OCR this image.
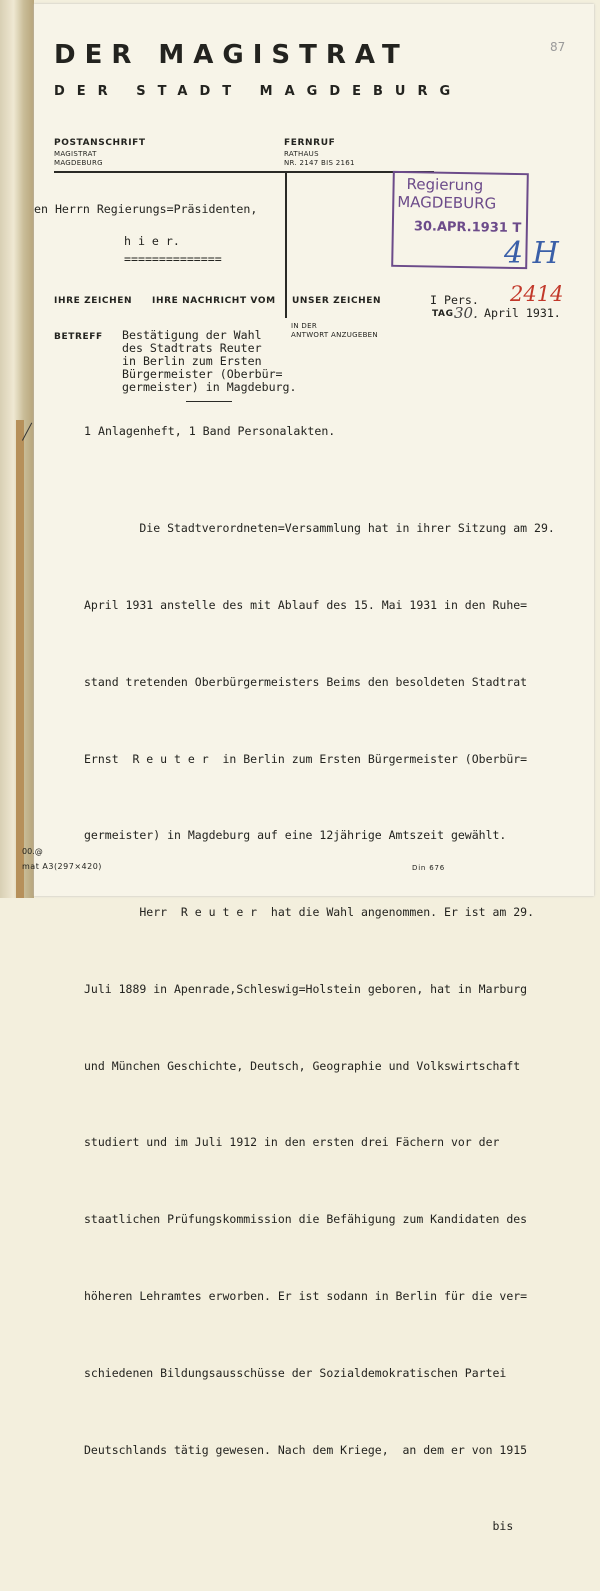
DER MAGISTRAT
DER STADT MAGDEBURG
87
POSTANSCHRIFT
MAGISTRAT
MAGDEBURG
FERNRUF
RATHAUS
NR. 2147 BIS 2161
en Herrn Regierungs=Präsidenten,
h i e r.
==============
Regierung
MAGDEBURG
30.APR.1931 T
4 H
2414
IHRE ZEICHEN IHRE NACHRICHT VOM UNSER ZEICHEN	I Pers.
TAG 30. April 1931.
IN DER
ANTWORT ANZUGEBEN
BETREFF Bestätigung der Wahl
des Stadtrats Reuter
in Berlin zum Ersten
Bürgermeister (Oberbür=
germeister) in Magdeburg.
1 Anlagenheft, 1 Band Personalakten.

Die Stadtverordneten=Versammlung hat in ihrer Sitzung am 29.

April 1931 anstelle des mit Ablauf des 15. Mai 1931 in den Ruhe=

stand tretenden Oberbürgermeisters Beims den besoldeten Stadtrat

Ernst  R e u t e r  in Berlin zum Ersten Bürgermeister (Oberbür=

germeister) in Magdeburg auf eine 12jährige Amtszeit gewählt.

Herr  R e u t e r  hat die Wahl angenommen. Er ist am 29.

Juli 1889 in Apenrade,Schleswig=Holstein geboren, hat in Marburg

und München Geschichte, Deutsch, Geographie und Volkswirtschaft

studiert und im Juli 1912 in den ersten drei Fächern vor der

staatlichen Prüfungskommission die Befähigung zum Kandidaten des

höheren Lehramtes erworben. Er ist sodann in Berlin für die ver=

schiedenen Bildungsausschüsse der Sozialdemokratischen Partei

Deutschlands tätig gewesen. Nach dem Kriege,  an dem er von 1915

bis

00.@
mat A3(297×420)	Din 676
